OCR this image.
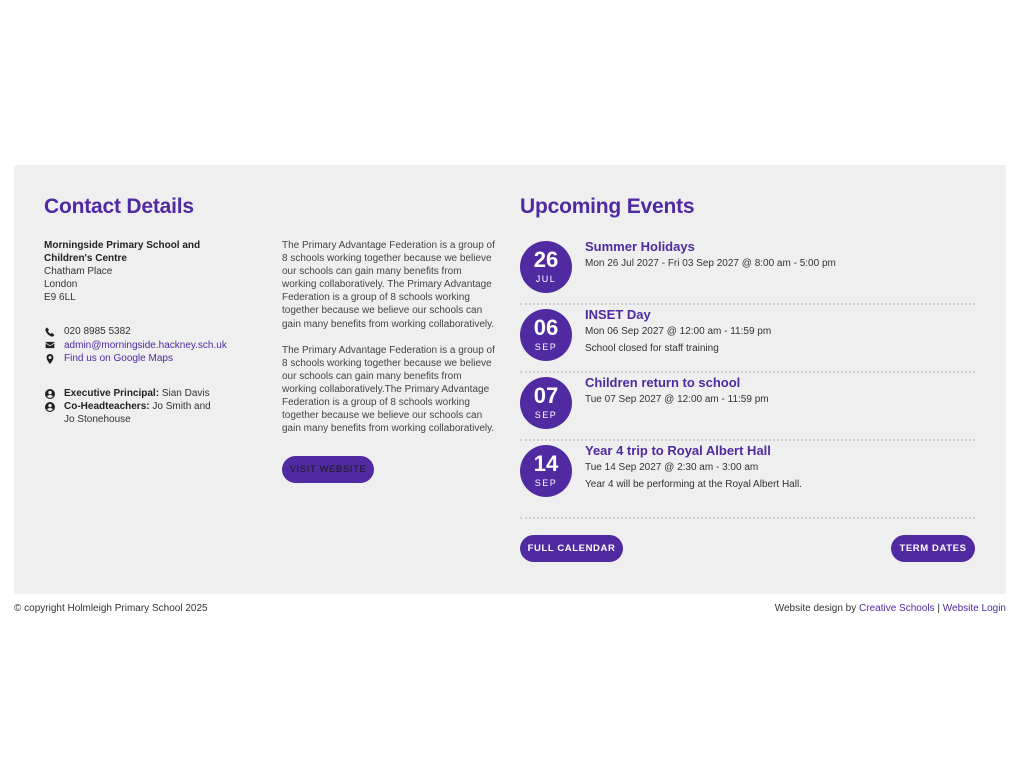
Contact Details
Morningside Primary School and Children's Centre
Chatham Place
London
E9 6LL
020 8985 5382
admin@morningside.hackney.sch.uk
Find us on Google Maps
Executive Principal: Sian Davis
Co-Headteachers: Jo Smith and Jo Stonehouse

The Primary Advantage Federation is a group of 8 schools working together because we believe our schools can gain many benefits from working collaboratively. The Primary Advantage Federation is a group of 8 schools working together because we believe our schools can gain many benefits from working collaboratively.

The Primary Advantage Federation is a group of 8 schools working together because we believe our schools can gain many benefits from working collaboratively.The Primary Advantage Federation is a group of 8 schools working together because we believe our schools can gain many benefits from working collaboratively.

VISIT WEBSITE
Upcoming Events
26
JUL
Summer Holidays
Mon 26 Jul 2027 - Fri 03 Sep 2027 @ 8:00 am - 5:00 pm
06
SEP
INSET Day
Mon 06 Sep 2027 @ 12:00 am - 11:59 pm
School closed for staff training
07
SEP
Children return to school
Tue 07 Sep 2027 @ 12:00 am - 11:59 pm
14
SEP
Year 4 trip to Royal Albert Hall
Tue 14 Sep 2027 @ 2:30 am - 3:00 am
Year 4 will be performing at the Royal Albert Hall.
FULL CALENDAR	TERM DATES
© copyright Holmleigh Primary School 2025	Website design by Creative Schools | Website Login
